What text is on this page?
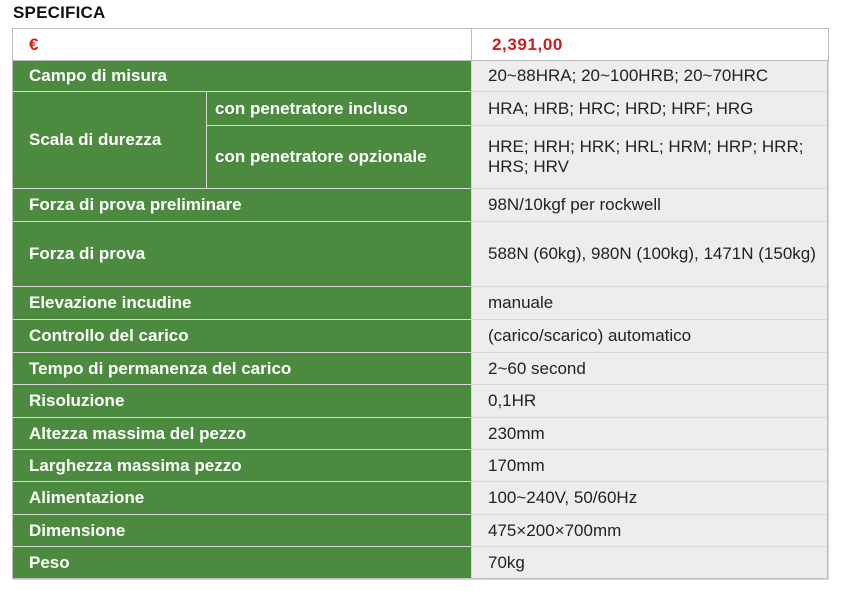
SPECIFICA
€		2,391,00
Campo di misura		20~88HRA; 20~100HRB; 20~70HRC
Scala di durezza	con penetratore incluso	HRA; HRB; HRC; HRD; HRF; HRG
	con penetratore opzionale	HRE; HRH; HRK; HRL; HRM; HRP; HRR; HRS; HRV
Forza di prova preliminare		98N/10kgf per rockwell
Forza di prova		588N (60kg), 980N (100kg), 1471N (150kg)
Elevazione incudine		manuale
Controllo del carico		(carico/scarico) automatico
Tempo di permanenza del carico		2~60 second
Risoluzione		0,1HR
Altezza massima del pezzo		230mm
Larghezza massima pezzo		170mm
Alimentazione		100~240V, 50/60Hz
Dimensione		475×200×700mm
Peso		70kg
